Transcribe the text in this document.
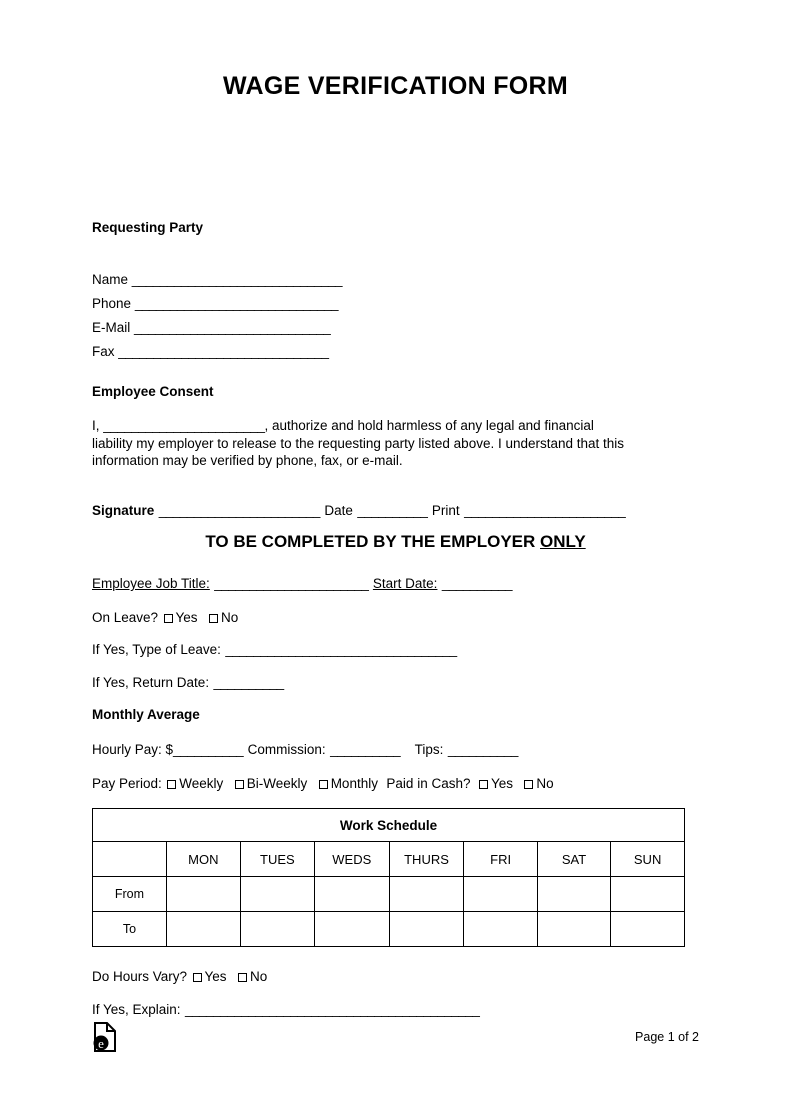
WAGE VERIFICATION FORM
Requesting Party
Name ______________________________
Phone _____________________________
E-Mail ____________________________
Fax ______________________________
Employee Consent
I, _______________________, authorize and hold harmless of any legal and financial
liability my employer to release to the requesting party listed above. I understand that this
information may be verified by phone, fax, or e-mail.
Signature _______________________ Date __________ Print _______________________
TO BE COMPLETED BY THE EMPLOYER ONLY
Employee Job Title: ______________________ Start Date: __________
On Leave? Yes No
If Yes, Type of Leave: _________________________________
If Yes, Return Date: __________
Monthly Average
Hourly Pay: $__________ Commission: __________ Tips: __________
Pay Period: Weekly Bi-Weekly Monthly Paid in Cash? Yes No
Work Schedule							
	MON	TUES	WEDS	THURS	FRI	SAT	SUN
From							
To							
Do Hours Vary? Yes No
If Yes, Explain: __________________________________________
e	Page 1 of 2
